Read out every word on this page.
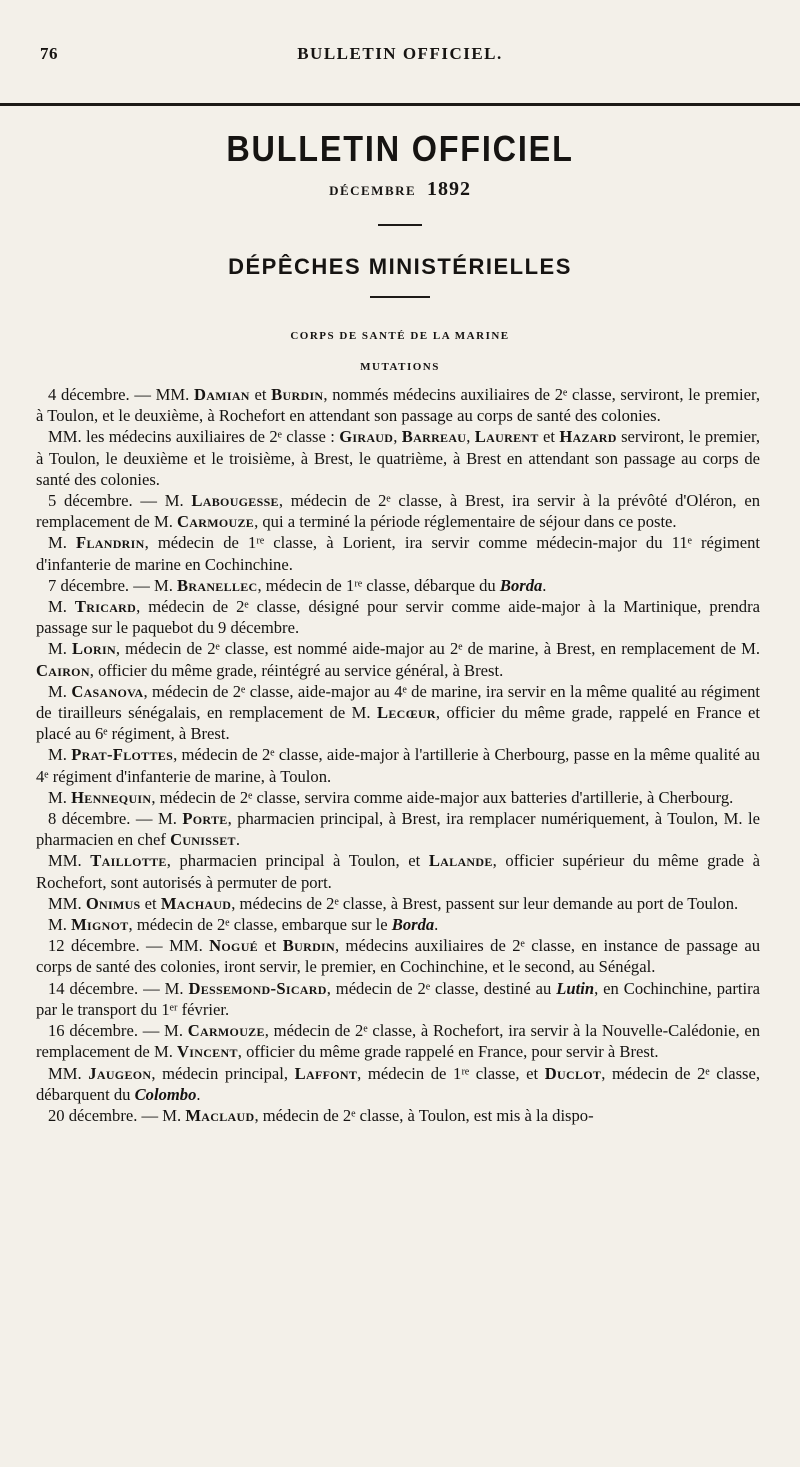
76	BULLETIN OFFICIEL.
BULLETIN OFFICIEL
DÉCEMBRE 1892
DÉPÊCHES MINISTÉRIELLES
CORPS DE SANTÉ DE LA MARINE
MUTATIONS

4 décembre. — MM. Damian et Burdin, nommés médecins auxiliaires de 2ᵉ classe, serviront, le premier, à Toulon, et le deuxième, à Rochefort en attendant son passage au corps de santé des colonies.

MM. les médecins auxiliaires de 2ᵉ classe : Giraud, Barreau, Laurent et Hazard serviront, le premier, à Toulon, le deuxième et le troisième, à Brest, le quatrième, à Brest en attendant son passage au corps de santé des colonies.

5 décembre. — M. Labougesse, médecin de 2ᵉ classe, à Brest, ira servir à la prévôté d'Oléron, en remplacement de M. Carmouze, qui a terminé la période réglementaire de séjour dans ce poste.

M. Flandrin, médecin de 1ʳᵉ classe, à Lorient, ira servir comme médecin-major du 11ᵉ régiment d'infanterie de marine en Cochinchine.

7 décembre. — M. Branellec, médecin de 1ʳᵉ classe, débarque du Borda.

M. Tricard, médecin de 2ᵉ classe, désigné pour servir comme aide-major à la Martinique, prendra passage sur le paquebot du 9 décembre.

M. Lorin, médecin de 2ᵉ classe, est nommé aide-major au 2ᵉ de marine, à Brest, en remplacement de M. Cairon, officier du même grade, réintégré au service général, à Brest.

M. Casanova, médecin de 2ᵉ classe, aide-major au 4ᵉ de marine, ira servir en la même qualité au régiment de tirailleurs sénégalais, en remplacement de M. Lecœur, officier du même grade, rappelé en France et placé au 6ᵉ régiment, à Brest.

M. Prat-Flottes, médecin de 2ᵉ classe, aide-major à l'artillerie à Cherbourg, passe en la même qualité au 4ᵉ régiment d'infanterie de marine, à Toulon.

M. Hennequin, médecin de 2ᵉ classe, servira comme aide-major aux batteries d'artillerie, à Cherbourg.

8 décembre. — M. Porte, pharmacien principal, à Brest, ira remplacer numériquement, à Toulon, M. le pharmacien en chef Cunisset.

MM. Taillotte, pharmacien principal à Toulon, et Lalande, officier supérieur du même grade à Rochefort, sont autorisés à permuter de port.

MM. Onimus et Machaud, médecins de 2ᵉ classe, à Brest, passent sur leur demande au port de Toulon.

M. Mignot, médecin de 2ᵉ classe, embarque sur le Borda.

12 décembre. — MM. Nogué et Burdin, médecins auxiliaires de 2ᵉ classe, en instance de passage au corps de santé des colonies, iront servir, le premier, en Cochinchine, et le second, au Sénégal.

14 décembre. — M. Dessemond-Sicard, médecin de 2ᵉ classe, destiné au Lutin, en Cochinchine, partira par le transport du 1ᵉʳ février.

16 décembre. — M. Carmouze, médecin de 2ᵉ classe, à Rochefort, ira servir à la Nouvelle-Calédonie, en remplacement de M. Vincent, officier du même grade rappelé en France, pour servir à Brest.

MM. Jaugeon, médecin principal, Laffont, médecin de 1ʳᵉ classe, et Duclot, médecin de 2ᵉ classe, débarquent du Colombo.

20 décembre. — M. Maclaud, médecin de 2ᵉ classe, à Toulon, est mis à la dispo-
